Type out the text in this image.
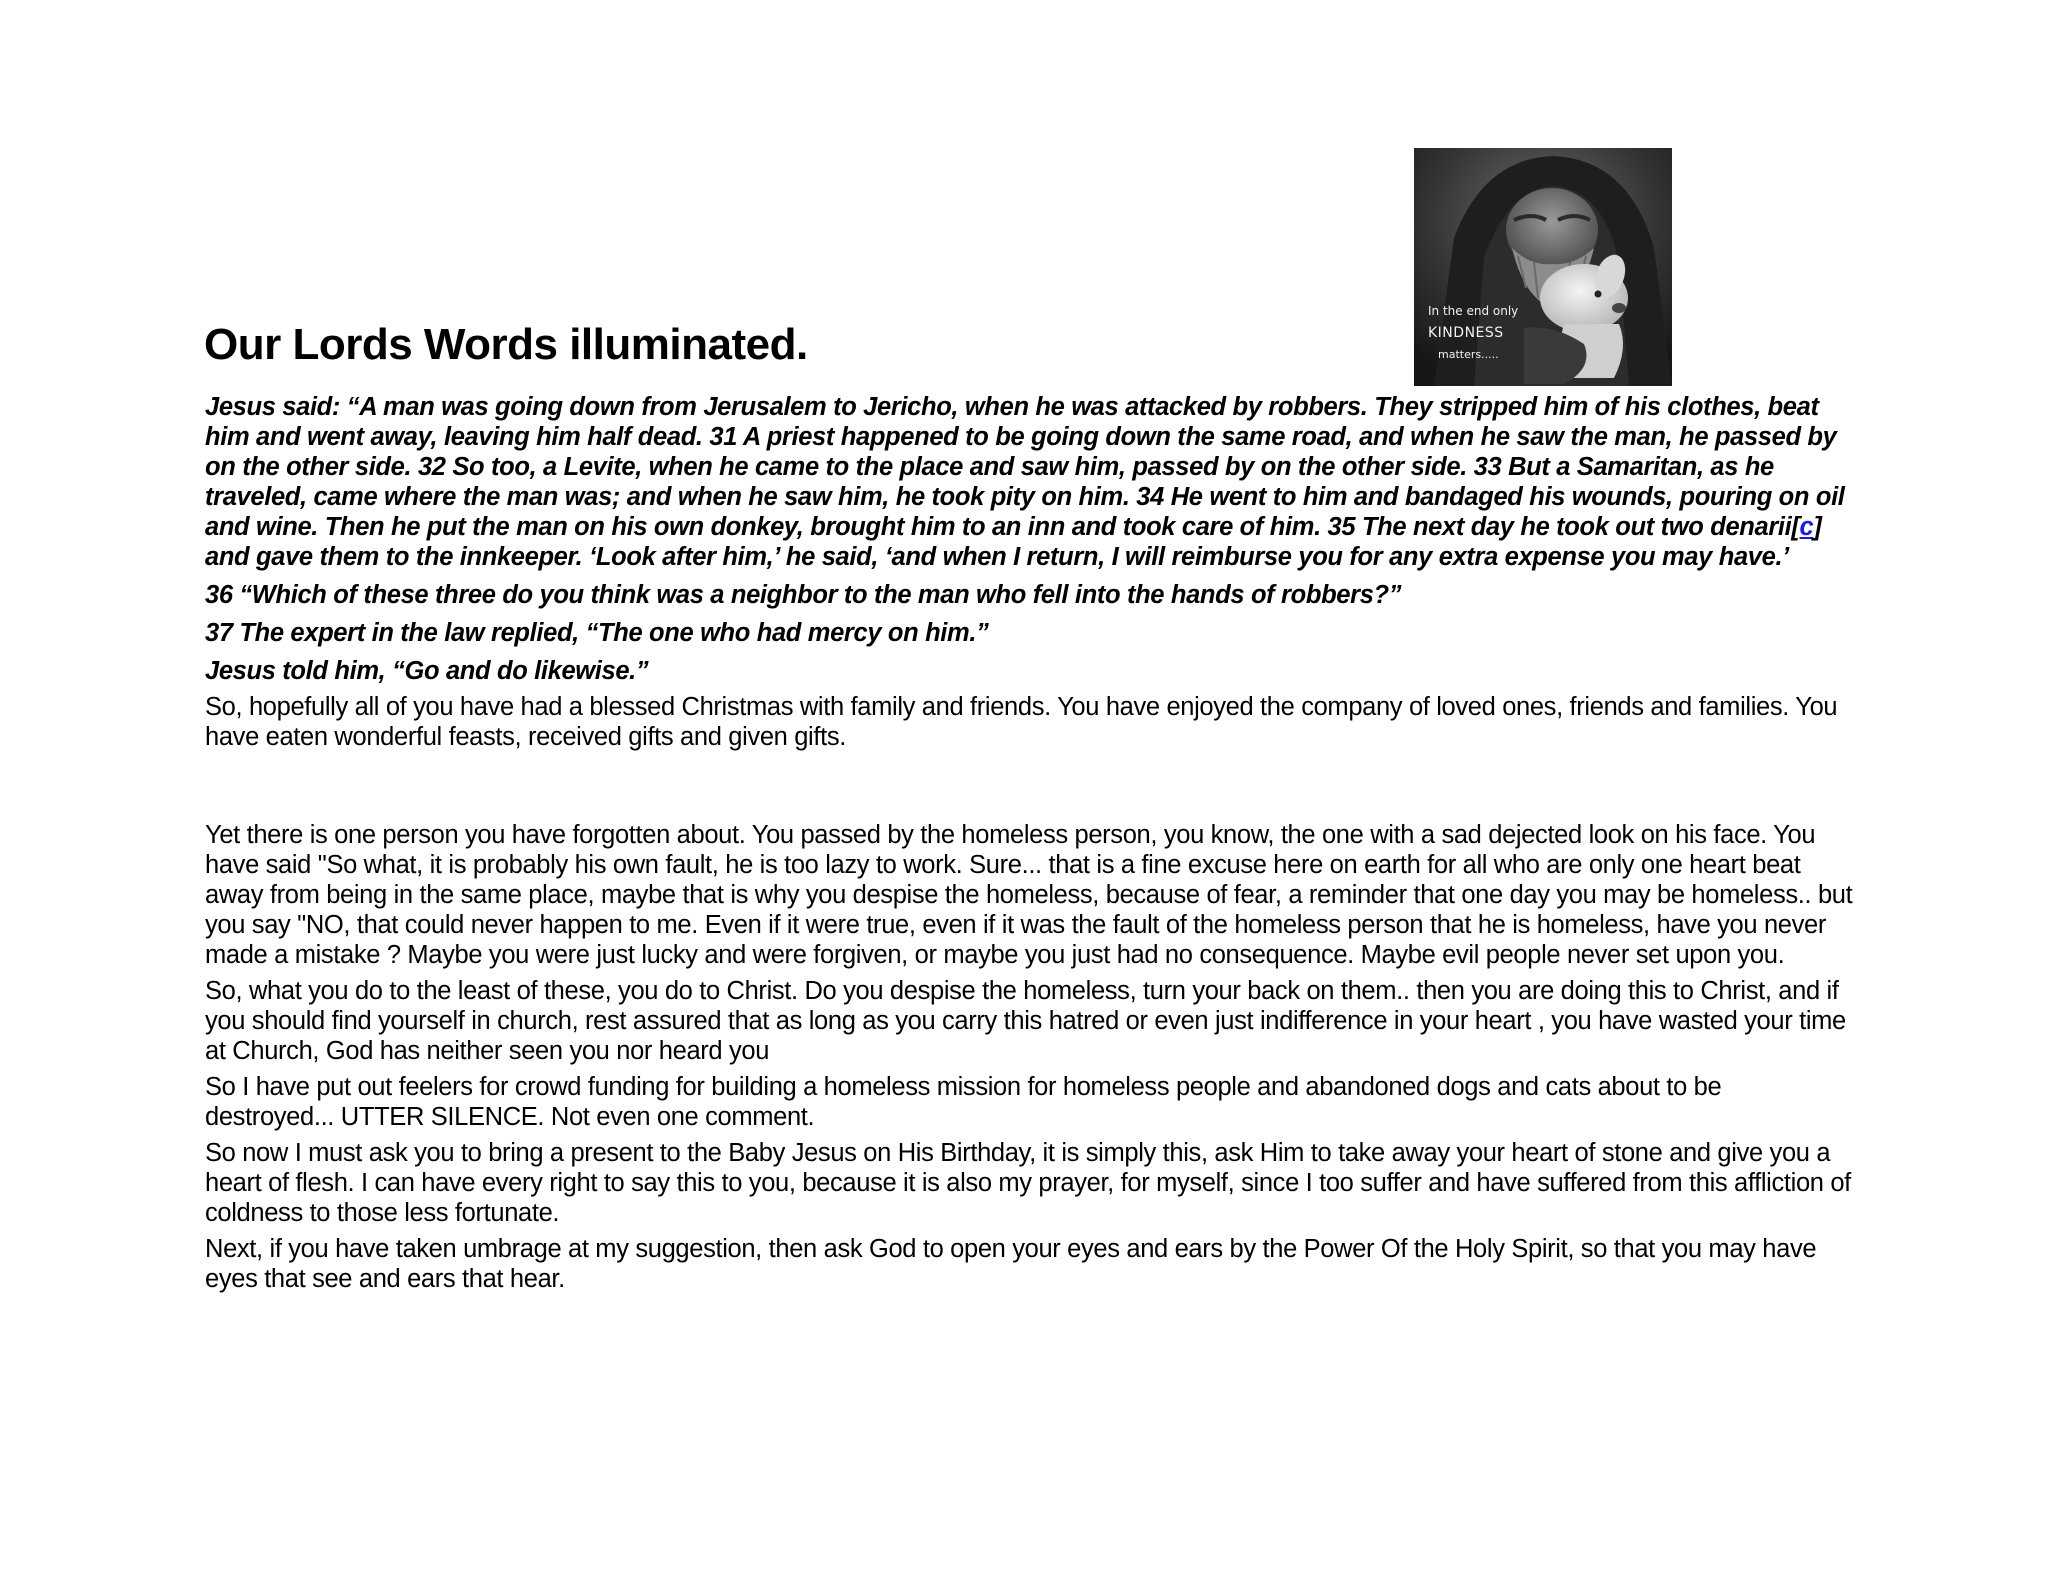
Our Lords Words illuminated.
In the end only
KINDNESS
matters.....

Jesus said: “A man was going down from Jerusalem to Jericho, when he was attacked by robbers. They stripped him of his clothes, beat him and went away, leaving him half dead. 31 A priest happened to be going down the same road, and when he saw the man, he passed by on the other side. 32 So too, a Levite, when he came to the place and saw him, passed by on the other side. 33 But a Samaritan, as he traveled, came where the man was; and when he saw him, he took pity on him. 34 He went to him and bandaged his wounds, pouring on oil and wine. Then he put the man on his own donkey, brought him to an inn and took care of him. 35 The next day he took out two denarii[c] and gave them to the innkeeper. ‘Look after him,’ he said, ‘and when I return, I will reimburse you for any extra expense you may have.’

36 “Which of these three do you think was a neighbor to the man who fell into the hands of robbers?”

37 The expert in the law replied, “The one who had mercy on him.”

Jesus told him, “Go and do likewise.”

So, hopefully all of you have had a blessed Christmas with family and friends. You have enjoyed the company of loved ones, friends and families. You have eaten wonderful feasts, received gifts and given gifts.

Yet there is one person you have forgotten about. You passed by the homeless person, you know, the one with a sad dejected look on his face. You have said "So what, it is probably his own fault, he is too lazy to work. Sure... that is a fine excuse here on earth for all who are only one heart beat away from being in the same place, maybe that is why you despise the homeless, because of fear, a reminder that one day you may be homeless.. but you say "NO, that could never happen to me. Even if it were true, even if it was the fault of the homeless person that he is homeless, have you never made a mistake ? Maybe you were just lucky and were forgiven, or maybe you just had no consequence. Maybe evil people never set upon you.

So, what you do to the least of these, you do to Christ. Do you despise the homeless, turn your back on them.. then you are doing this to Christ, and if you should find yourself in church, rest assured that as long as you carry this hatred or even just indifference in your heart , you have wasted your time at Church, God has neither seen you nor heard you

So I have put out feelers for crowd funding for building a homeless mission for homeless people and abandoned dogs and cats about to be destroyed... UTTER SILENCE. Not even one comment.

So now I must ask you to bring a present to the Baby Jesus on His Birthday, it is simply this, ask Him to take away your heart of stone and give you a heart of flesh. I can have every right to say this to you, because it is also my prayer, for myself, since I too suffer and have suffered from this affliction of coldness to those less fortunate.

Next, if you have taken umbrage at my suggestion, then ask God to open your eyes and ears by the Power Of the Holy Spirit, so that you may have eyes that see and ears that hear.
